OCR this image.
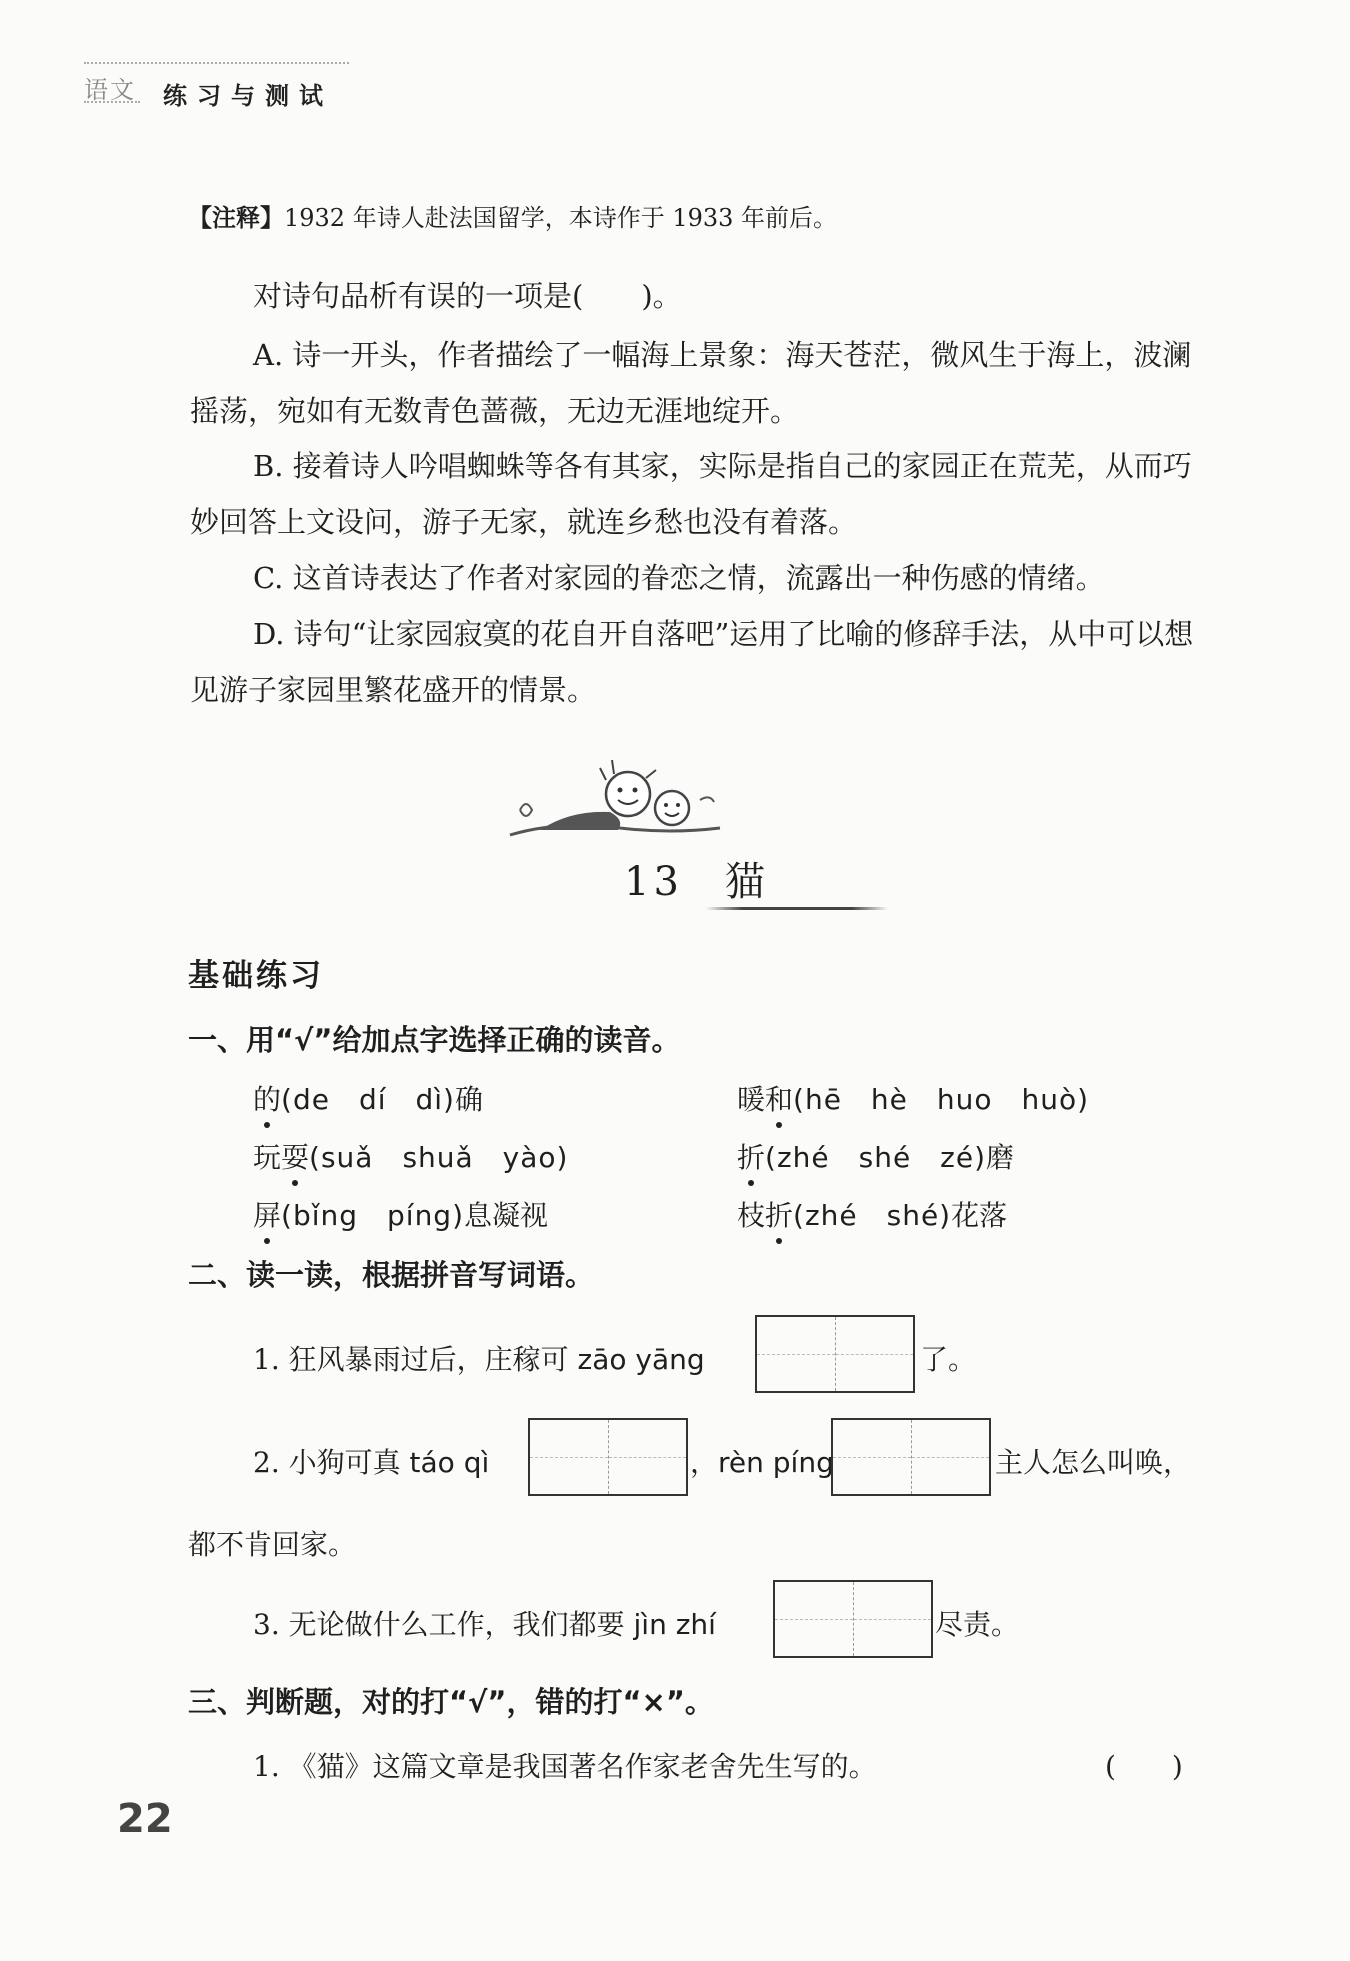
语文 练习与测试
【注释】1932 年诗人赴法国留学，本诗作于 1933 年前后。
对诗句品析有误的一项是(　　)。
A. 诗一开头，作者描绘了一幅海上景象：海天苍茫，微风生于海上，波澜摇荡，宛如有无数青色蔷薇，无边无涯地绽开。
B. 接着诗人吟唱蜘蛛等各有其家，实际是指自己的家园正在荒芜，从而巧妙回答上文设问，游子无家，就连乡愁也没有着落。
C. 这首诗表达了作者对家园的眷恋之情，流露出一种伤感的情绪。
D. 诗句“让家园寂寞的花自开自落吧”运用了比喻的修辞手法，从中可以想见游子家园里繁花盛开的情景。
13 猫
基础练习
一、用“√”给加点字选择正确的读音。
的(de　dí　dì)确	暖和(hē　hè　huo　huò)
玩耍(suǎ　shuǎ　yào)	折(zhé　shé　zé)磨
屏(bǐng　píng)息凝视	枝折(zhé　shé)花落
二、读一读，根据拼音写词语。
1. 狂风暴雨过后，庄稼可 zāo yāng	了。
2. 小狗可真 táo qì	，rèn píng	主人怎么叫唤，
都不肯回家。
3. 无论做什么工作，我们都要 jìn zhí	尽责。
三、判断题，对的打“√”，错的打“×”。
1. 《猫》这篇文章是我国著名作家老舍先生写的。	(　　)
22
